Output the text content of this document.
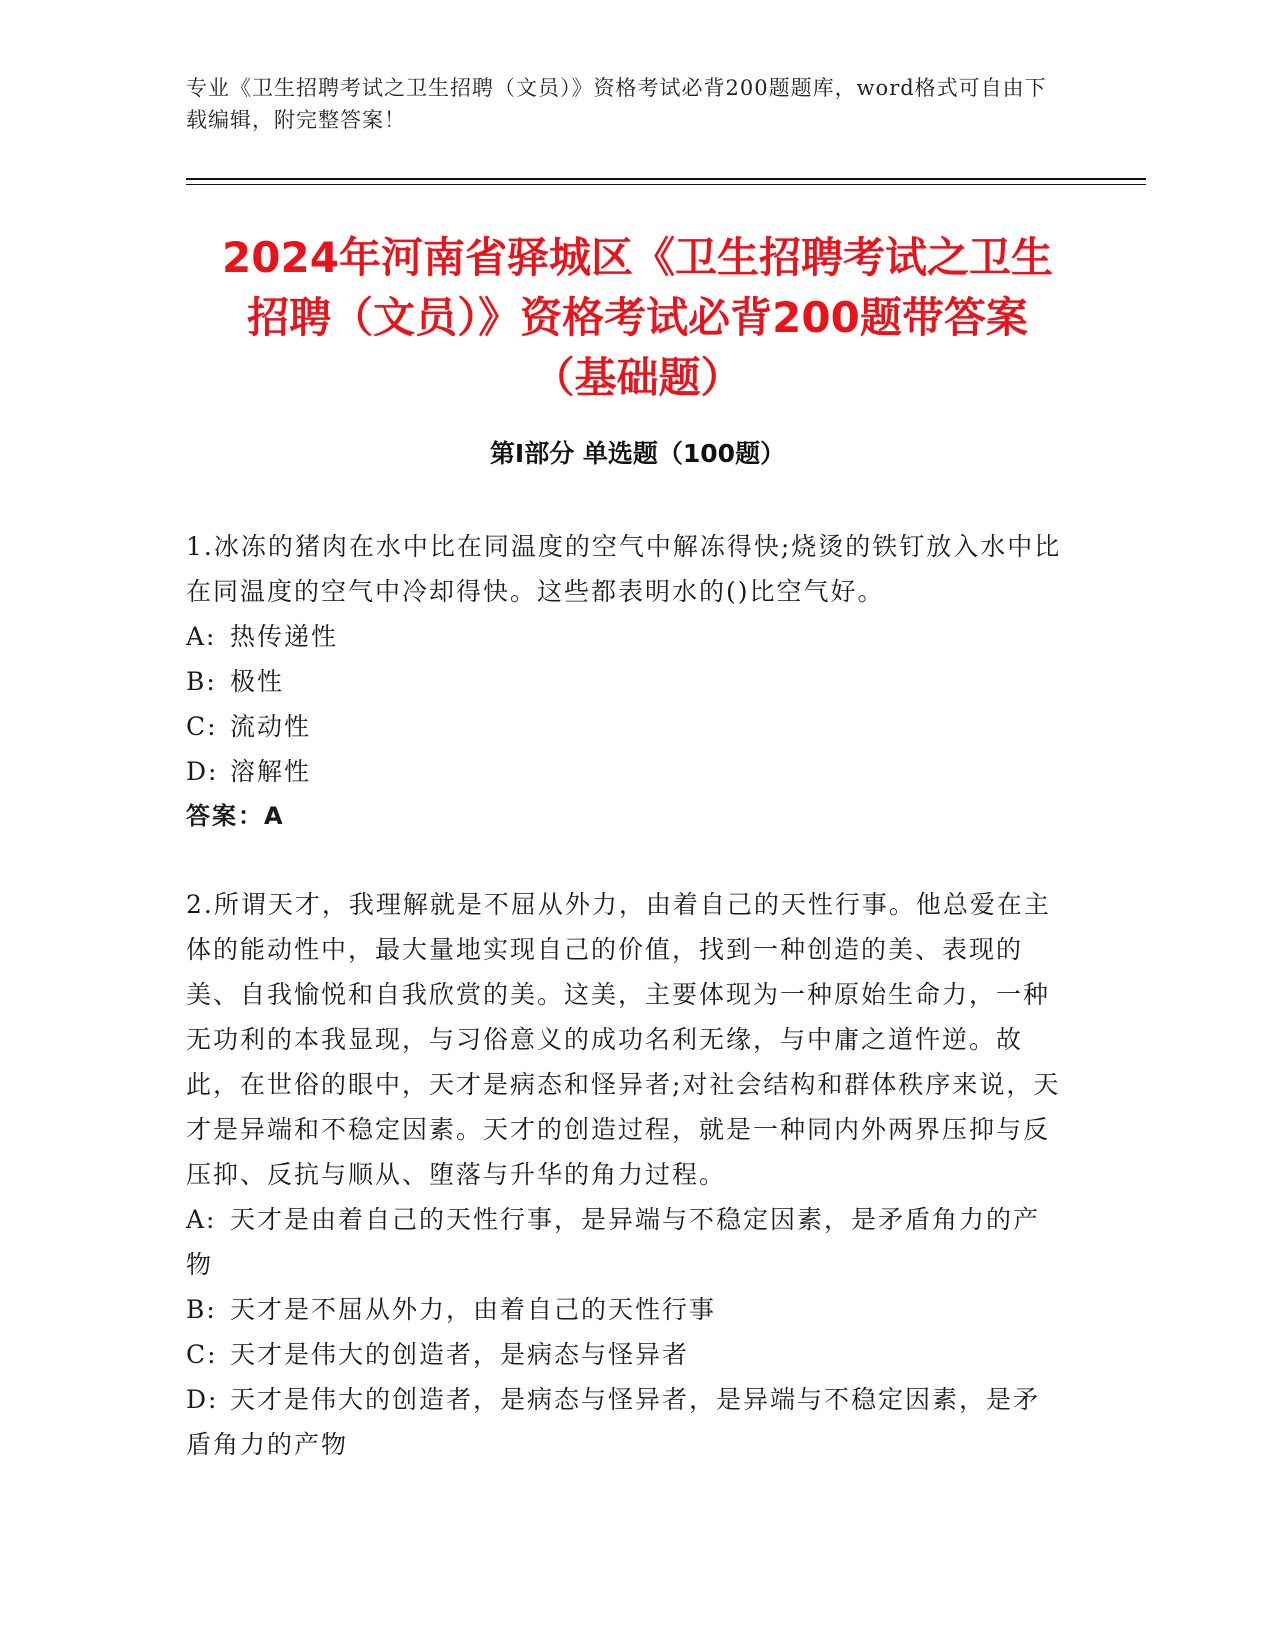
专业《卫生招聘考试之卫生招聘（文员）》资格考试必背200题题库，word格式可自由下载编辑，附完整答案！
2024年河南省驿城区《卫生招聘考试之卫生
招聘（文员）》资格考试必背200题带答案
（基础题）
第Ⅰ部分 单选题（100题）

1.冰冻的猪肉在水中比在同温度的空气中解冻得快;烧烫的铁钉放入水中比在同温度的空气中冷却得快。这些都表明水的()比空气好。

A: 热传递性

B: 极性

C: 流动性

D: 溶解性

答案：A

2.所谓天才，我理解就是不屈从外力，由着自己的天性行事。他总爱在主体的能动性中，最大量地实现自己的价值，找到一种创造的美、表现的美、自我愉悦和自我欣赏的美。这美，主要体现为一种原始生命力，一种无功利的本我显现，与习俗意义的成功名利无缘，与中庸之道忤逆。故此，在世俗的眼中，天才是病态和怪异者;对社会结构和群体秩序来说，天才是异端和不稳定因素。天才的创造过程，就是一种同内外两界压抑与反压抑、反抗与顺从、堕落与升华的角力过程。

A: 天才是由着自己的天性行事，是异端与不稳定因素，是矛盾角力的产物

B: 天才是不屈从外力，由着自己的天性行事

C: 天才是伟大的创造者，是病态与怪异者

D: 天才是伟大的创造者，是病态与怪异者，是异端与不稳定因素，是矛盾角力的产物
